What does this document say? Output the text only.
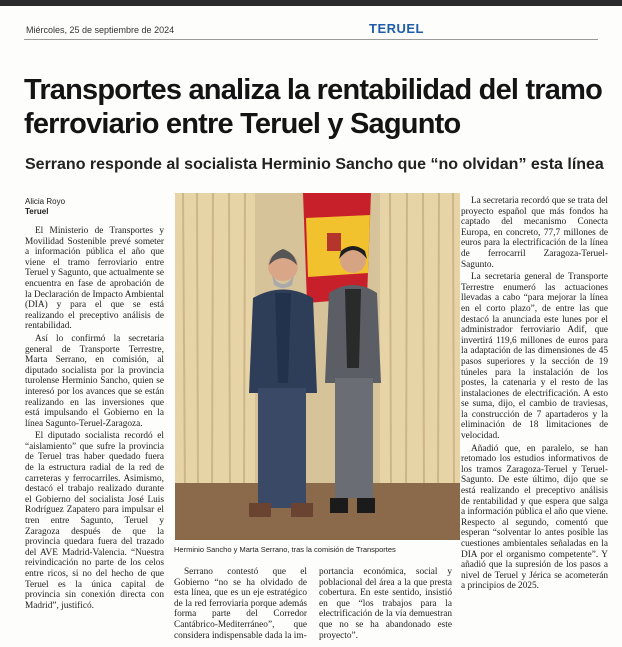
Miércoles, 25 de septiembre de 2024	TERUEL
Transportes analiza la rentabilidad del tramo ferroviario entre Teruel y Sagunto
Serrano responde al socialista Herminio Sancho que “no olvidan” esta línea
Alicia Royo
Teruel

El Ministerio de Transportes y Movilidad Sostenible prevé someter a información pública el año que viene el tramo ferroviario entre Teruel y Sagunto, que actualmente se encuentra en fase de aprobación de la Declaración de Impacto Ambiental (DIA) y para el que se está realizando el preceptivo análisis de rentabilidad.

Así lo confirmó la secretaria general de Transporte Terrestre, Marta Serrano, en comisión, al diputado socialista por la provincia turolense Herminio Sancho, quien se interesó por los avances que se están realizando en las inversiones que está impulsando el Gobierno en la línea Sagunto-Teruel-Zaragoza.

El diputado socialista recordó el “aislamiento” que sufre la provincia de Teruel tras haber quedado fuera de la estructura radial de la red de carreteras y ferrocarriles. Asimismo, destacó el trabajo realizado durante el Gobierno del socialista José Luis Rodríguez Zapatero para impulsar el tren entre Sagunto, Teruel y Zaragoza después de que la provincia quedara fuera del trazado del AVE Madrid-Valencia. “Nuestra reivindicación no parte de los celos entre ricos, si no del hecho de que Teruel es la única capital de provincia sin conexión directa con Madrid”, justificó.

Herminio Sancho y Marta Serrano, tras la comisión de Transportes

Serrano contestó que el Gobierno “no se ha olvidado de esta línea, que es un eje estratégico de la red ferroviaria porque además forma parte del Corredor Cantábrico-Mediterráneo”, que considera indispensable dada la im-

portancia económica, social y poblacional del área a la que presta cobertura. En este sentido, insistió en que “los trabajos para la electrificación de la vía demuestran que no se ha abandonado este proyecto”.

La secretaria recordó que se trata del proyecto español que más fondos ha captado del mecanismo Conecta Europa, en concreto, 77,7 millones de euros para la electrificación de la línea de ferrocarril Zaragoza-Teruel-Sagunto.

La secretaria general de Transporte Terrestre enumeró las actuaciones llevadas a cabo “para mejorar la línea en el corto plazo”, de entre las que destacó la anunciada este lunes por el administrador ferroviario Adif, que invertirá 119,6 millones de euros para la adaptación de las dimensiones de 45 pasos superiores y la sección de 19 túneles para la instalación de los postes, la catenaria y el resto de las instalaciones de electrificación. A esto se suma, dijo, el cambio de traviesas, la construcción de 7 apartaderos y la eliminación de 18 limitaciones de velocidad.

Añadió que, en paralelo, se han retomado los estudios informativos de los tramos Zaragoza-Teruel y Teruel-Sagunto. De este último, dijo que se está realizando el preceptivo análisis de rentabilidad y que espera que salga a información pública el año que viene. Respecto al segundo, comentó que esperan “solventar lo antes posible las cuestiones ambientales señaladas en la DIA por el organismo competente”. Y añadió que la supresión de los pasos a nivel de Teruel y Jérica se acometerán a principios de 2025.
